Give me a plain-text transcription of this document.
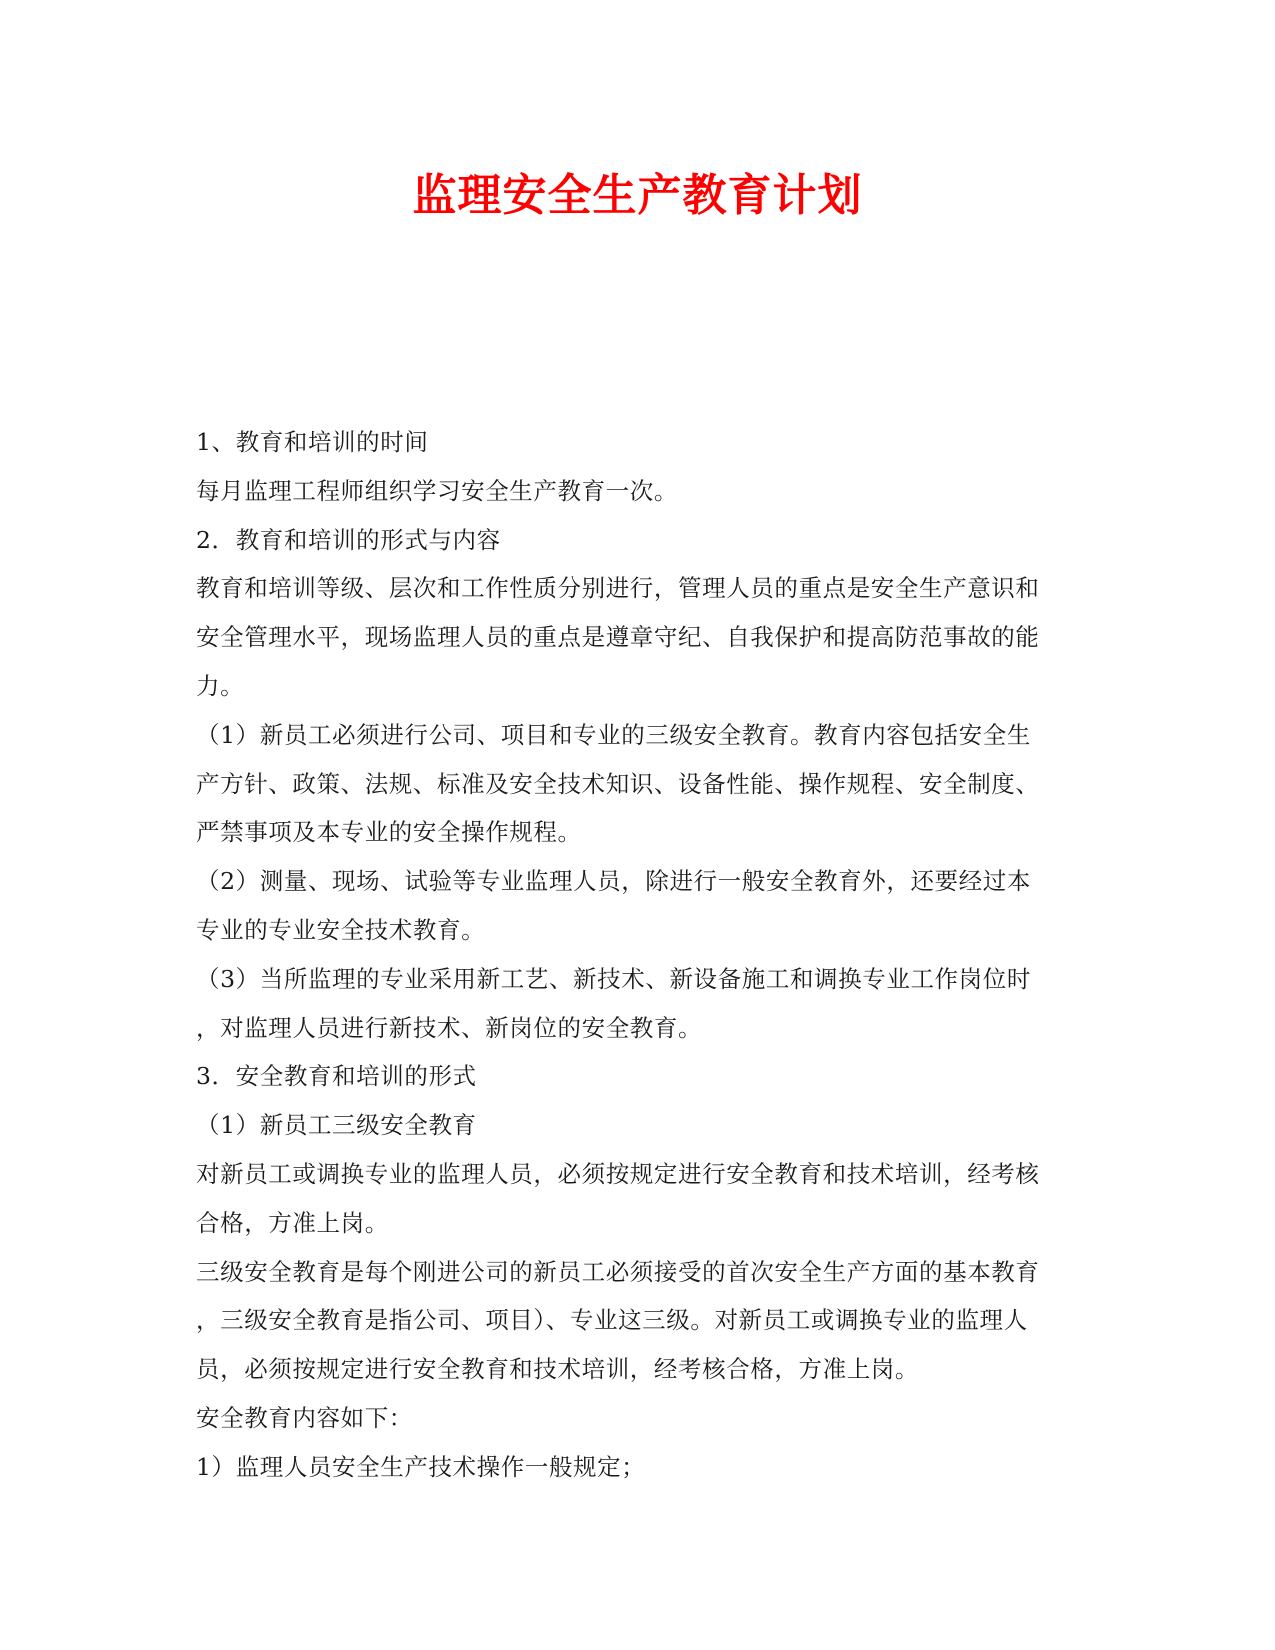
监理安全生产教育计划
1、教育和培训的时间
每月监理工程师组织学习安全生产教育一次。
2．教育和培训的形式与内容
教育和培训等级、层次和工作性质分别进行，管理人员的重点是安全生产意识和
安全管理水平，现场监理人员的重点是遵章守纪、自我保护和提高防范事故的能
力。
（1）新员工必须进行公司、项目和专业的三级安全教育。教育内容包括安全生
产方针、政策、法规、标准及安全技术知识、设备性能、操作规程、安全制度、
严禁事项及本专业的安全操作规程。
（2）测量、现场、试验等专业监理人员，除进行一般安全教育外，还要经过本
专业的专业安全技术教育。
（3）当所监理的专业采用新工艺、新技术、新设备施工和调换专业工作岗位时
，对监理人员进行新技术、新岗位的安全教育。
3．安全教育和培训的形式
（1）新员工三级安全教育
对新员工或调换专业的监理人员，必须按规定进行安全教育和技术培训，经考核
合格，方准上岗。
三级安全教育是每个刚进公司的新员工必须接受的首次安全生产方面的基本教育
，三级安全教育是指公司、项目）、专业这三级。对新员工或调换专业的监理人
员，必须按规定进行安全教育和技术培训，经考核合格，方准上岗。
安全教育内容如下：
1）监理人员安全生产技术操作一般规定；
